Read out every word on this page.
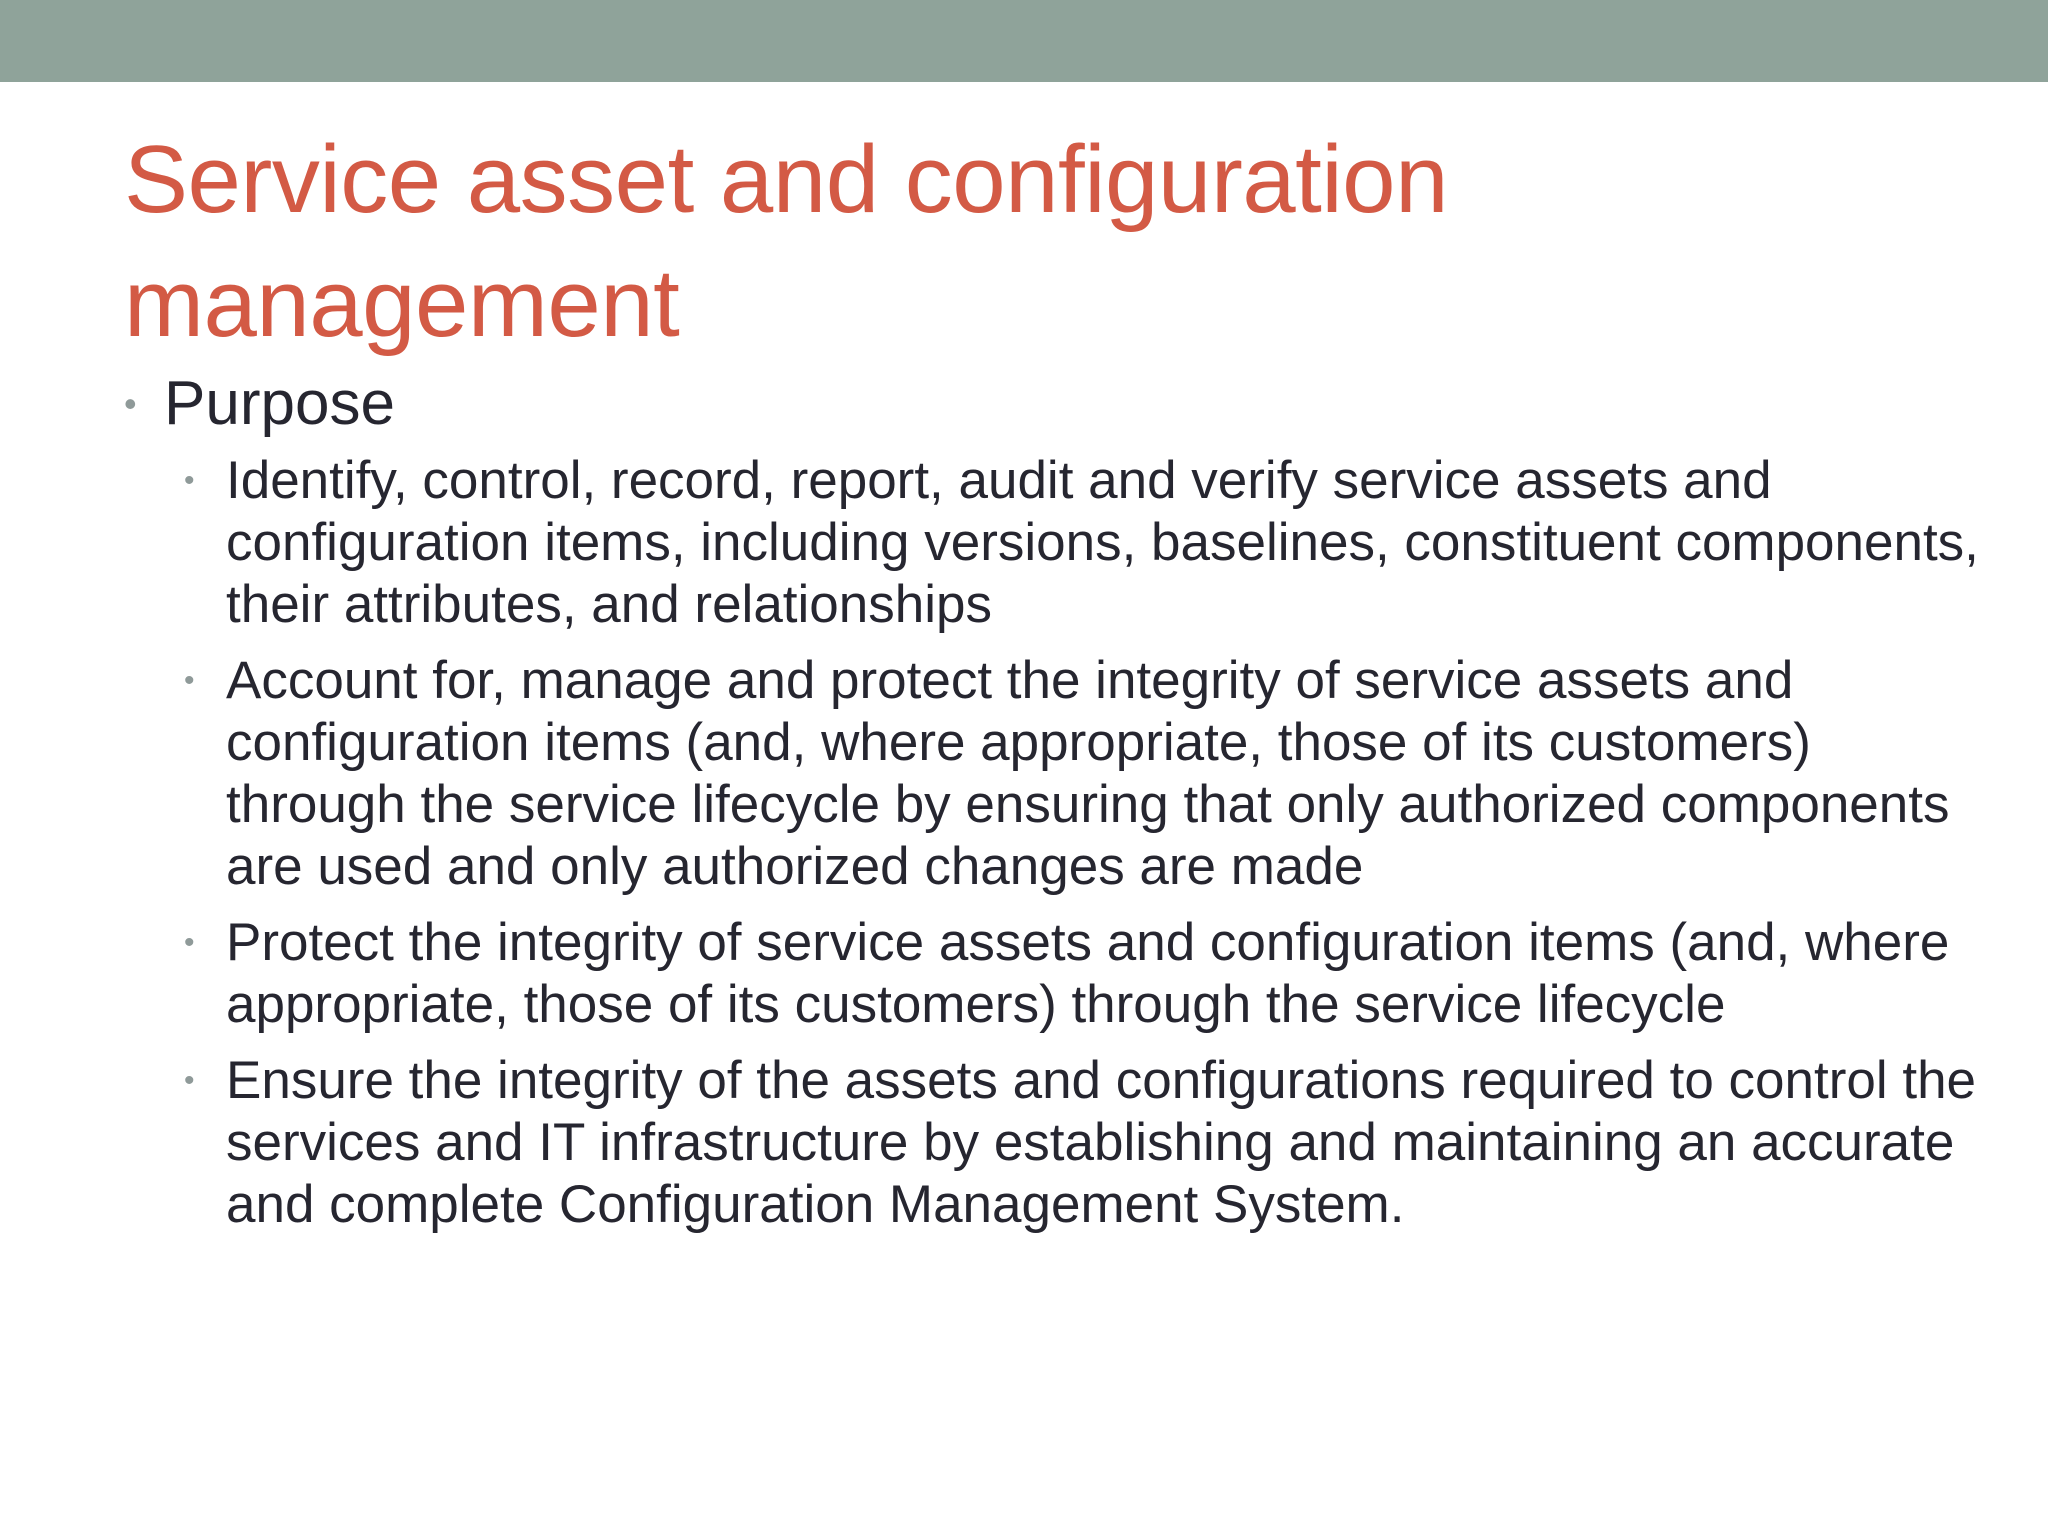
Service asset and configuration management
• Purpose
• Identify, control, record, report, audit and verify service assets and configuration items, including versions, baselines, constituent components, their attributes, and relationships
• Account for, manage and protect the integrity of service assets and configuration items (and, where appropriate, those of its customers) through the service lifecycle by ensuring that only authorized components are used and only authorized changes are made
• Protect the integrity of service assets and configuration items (and, where appropriate, those of its customers) through the service lifecycle
• Ensure the integrity of the assets and configurations required to control the services and IT infrastructure by establishing and maintaining an accurate and complete Configuration Management System.
